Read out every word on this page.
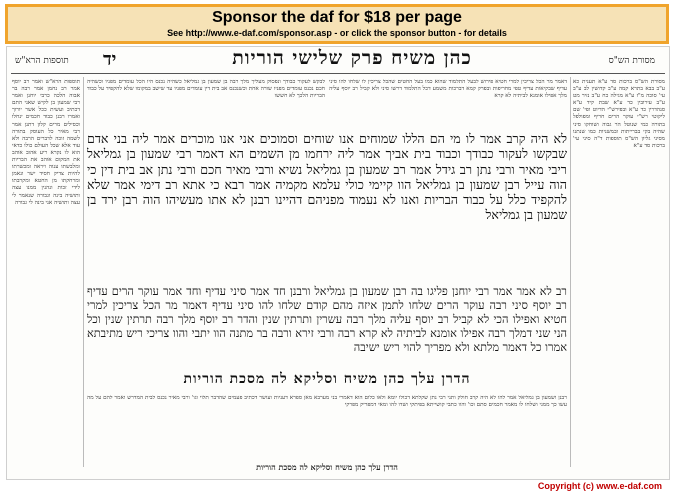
Sponsor the daf for $18 per page
See http://www.e-daf.com/sponsor.asp - or click the sponsor button - for details
תוספות הרא"ש יד	כהן משיח פרק שלישי הוריות	מסורת הש"ס
תוספות הרא"ש ואמר רב יוסף אמר רב נחמן אמר רבה בר אבוה הלכה כרבי יוחנן ואמר רבי שמעון בן לקיש שאני התם דכתיב ועשית ככל אשר יורוך ואמרו רבנן כבוד חכמים ינחלו וכסילים מרים קלון דתנן אמר רבי מאיר כל העוסק בתורה לשמה זוכה לדברים הרבה ולא עוד אלא שכל העולם כולו כדאי הוא לו נקרא ריע אהוב אוהב את המקום אוהב את הבריות ומלבשתו ענוה ויראה ומכשרתו להיות צדיק חסיד ישר ונאמן ומרחקתו מן החטא ומקרבתו לידי זכות ונהנין ממנו עצה ותושיה בינה וגבורה שנאמר לי עצה ותושיה אני בינה לי גבורה
לבקש לעקור כבודך ונפסוק מעליך מלך רבה בן שמעון בן גמליאל כשהיה נכנס היו הכל עומדים מפניו וכשהיה חכם נכנס עומדים מפניו שורה אחת וכשנכנס אב בית דין עומדים מפניו עד שישב במקומו שלא להקפיד על כבוד הבריות הלכך לא חששו
דאמר מר הכל צריכין למרי חטיא פירוש לבעל התלמוד שהוא כמו בעל החטים שהכל צריכין לו שלחו להו סיני עדיף שבקיאות עדיף טפי מחריפות ובפרק קמא דברכות משמע דכל התלמוד דרשו סיני ולא קביל רב יוסף עליה מלך אפילו אומנא לביתיה לא קרא
מסורת הש"ס ברכות סד ע"א תענית כא ע"ב בבא בתרא קמה ע"ב קדושין לב ע"ב עי' סוכה מ"ז ע"א מגילה כח ע"ב נזיר מט ע"ב עירובין כד ע"א שבת קיד ע"א סנהדרין כד ע"א ובפירש"י הדיוט ופי' שם ליקוטי רש"י עוקר הרים חריף ומפולפל בתורה כמי שנוטל הר גבוה ושוחקו סיני שהיה בקי בברייתות ובמשניות כמו שנתנו מסיני גליון הש"ס תוספות ד"ה סיני עי' ברכות סד ע"א
לא היה קרב אמר לו מי הם הללו שמוחים אנו שוחים וסמוכים אני אנו מוכרים אמר ליה בני אדם שבקשו לעקור כבודך וכבוד בית אביך אמר ליה ירחמו מן השמים הא דאמר רבי שמעון בן גמליאל ריבי מאיר ורבי נתן רב גידל אמר רב שמעון בן גמליאל נשיא ורבי מאיר חכם ורבי נתן אב בית דין כי הוה עייל רבן שמעון בן גמליאל הוו קיימי כולי עלמא מקמיה אמר רבא כי אתא רב דימי אמר שלא להקפיד כלל על כבוד הבריות ואנו לא נעמוד מפניהם דהיינו רבנן לא אתו מעשיהו הוה רבן ירד בן שמעון בן גמליאל
רב לא אמר אמר רבי יוחנן פליגו בה רבן שמעון בן גמליאל ורבנן חד אמר סיני עדיף וחד אמר עוקר הרים עדיף רב יוסף סיני רבה עוקר הרים שלחו לתמן איזה מהם קודם שלחו להו סיני עדיף דאמר מר הכל צריכין למרי חטיא ואפילו הכי לא קביל רב יוסף עליה מלך רבה עשרין ותרתין שנין והדר רב יוסף מלך רבה תרתין שנין וכל הני שני דמלך רבה אפילו אומנא לביתיה לא קרא רבה ורבי זירא ורבה בר מתנה הוו יתבי והוו צריכי ריש מתיבתא אמרו כל דאמר מלתא ולא מפריך להוי ריש ישיבה
הדרן עלך כהן משיח וסליקא לה מסכת הוריות
רבנן ושמעון בן גמליאל אמר להו לא היה קרב חולק ותני רבי נתן שקלתא דכולו יומא ולאו כלום הוא דאמרי בני מערבא מאן ספרא דעניות ועושר דכתיב פעמים שהדבר תלוי וגו' ורבי מאיר נכנס לבית המדרש ואמר להם על מה עשו כך ממני ושלחו לו מאמר חכמים סתם וכו' והוו כתבי קושייתא בפיתקי ושדו להו ומאי דמפריק מפרקי
הדרן עלך כהן משיח וסליקא לה מסכת הוריות
Copyright (c) www.e-daf.com
